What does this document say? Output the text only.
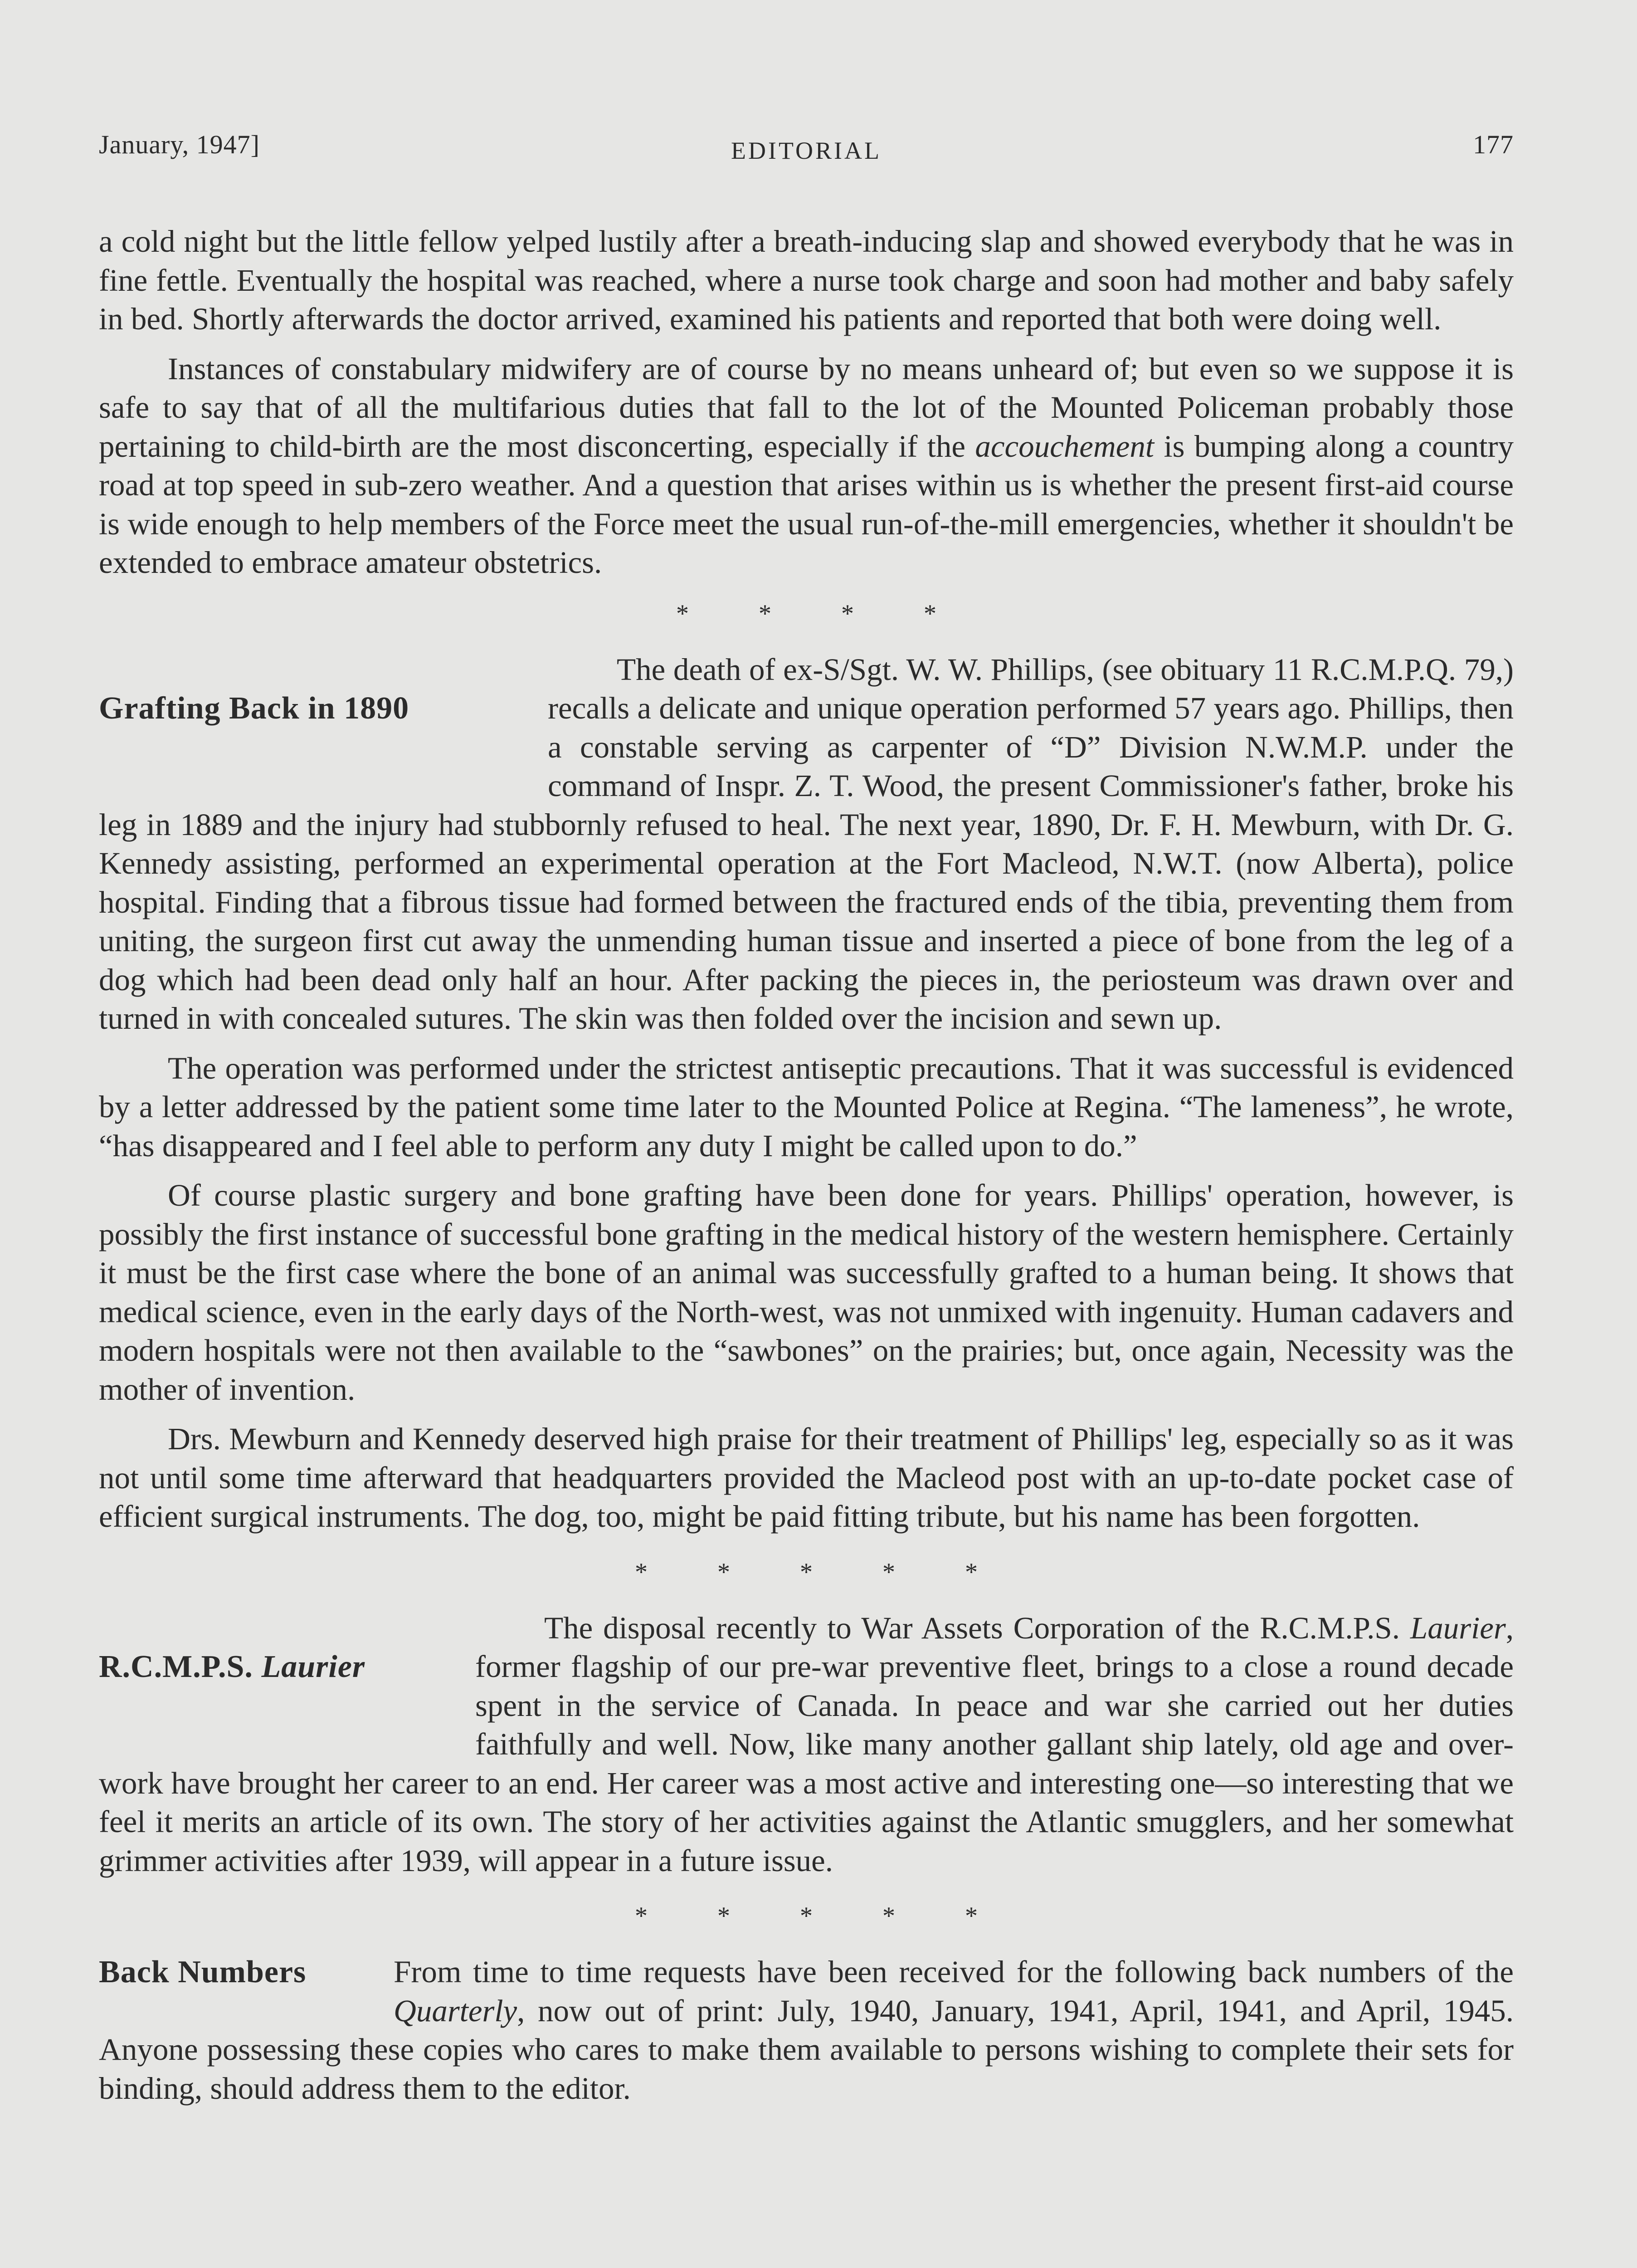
January, 1947]	EDITORIAL	177

a cold night but the little fellow yelped lustily after a breath-inducing slap and showed everybody that he was in fine fettle. Eventually the hospital was reached, where a nurse took charge and soon had mother and baby safely in bed. Shortly afterwards the doctor arrived, examined his patients and reported that both were doing well.

Instances of constabulary midwifery are of course by no means unheard of; but even so we suppose it is safe to say that of all the multifarious duties that fall to the lot of the Mounted Policeman probably those pertaining to child-birth are the most disconcerting, especially if the accouchement is bumping along a country road at top speed in sub-zero weather. And a question that arises within us is whether the present first-aid course is wide enough to help members of the Force meet the usual run-of-the-mill emergencies, whether it shouldn't be extended to embrace amateur obstetrics.

* * * *
Grafting Back in 1890

The death of ex-S/Sgt. W. W. Phillips, (see obituary 11 R.C.M.P.Q. 79,) recalls a delicate and unique operation performed 57 years ago. Phillips, then a constable serving as carpenter of “D” Division N.W.M.P. under the command of Inspr. Z. T. Wood, the present Commissioner's father, broke his leg in 1889 and the injury had stubbornly refused to heal. The next year, 1890, Dr. F. H. Mewburn, with Dr. G. Kennedy assisting, performed an experimental operation at the Fort Macleod, N.W.T. (now Alberta), police hospital. Finding that a fibrous tissue had formed between the fractured ends of the tibia, preventing them from uniting, the surgeon first cut away the unmending human tissue and inserted a piece of bone from the leg of a dog which had been dead only half an hour. After packing the pieces in, the periosteum was drawn over and turned in with concealed sutures. The skin was then folded over the incision and sewn up.

The operation was performed under the strictest antiseptic precautions. That it was successful is evidenced by a letter addressed by the patient some time later to the Mounted Police at Regina. “The lameness”, he wrote, “has disappeared and I feel able to perform any duty I might be called upon to do.”

Of course plastic surgery and bone grafting have been done for years. Phillips' operation, however, is possibly the first instance of successful bone grafting in the medical history of the western hemisphere. Certainly it must be the first case where the bone of an animal was successfully grafted to a human being. It shows that medical science, even in the early days of the North-west, was not unmixed with ingenuity. Human cadavers and modern hospitals were not then available to the “sawbones” on the prairies; but, once again, Necessity was the mother of invention.

Drs. Mewburn and Kennedy deserved high praise for their treatment of Phillips' leg, especially so as it was not until some time afterward that headquarters provided the Macleod post with an up-to-date pocket case of efficient surgical instruments. The dog, too, might be paid fitting tribute, but his name has been forgotten.

* * * * *
R.C.M.P.S. Laurier

The disposal recently to War Assets Corporation of the R.C.M.P.S. Laurier, former flagship of our pre-war preventive fleet, brings to a close a round decade spent in the service of Canada. In peace and war she carried out her duties faithfully and well. Now, like many another gallant ship lately, old age and over-work have brought her career to an end. Her career was a most active and interesting one—so interesting that we feel it merits an article of its own. The story of her activities against the Atlantic smugglers, and her somewhat grimmer activities after 1939, will appear in a future issue.

* * * * *
Back Numbers	From time to time requests have been received for the following back numbers of the Quarterly, now out of print: July, 1940, January, 1941, April, 1941, and April, 1945. Anyone possessing these copies who cares to make them available to persons wishing to complete their sets for binding, should address them to the editor.
